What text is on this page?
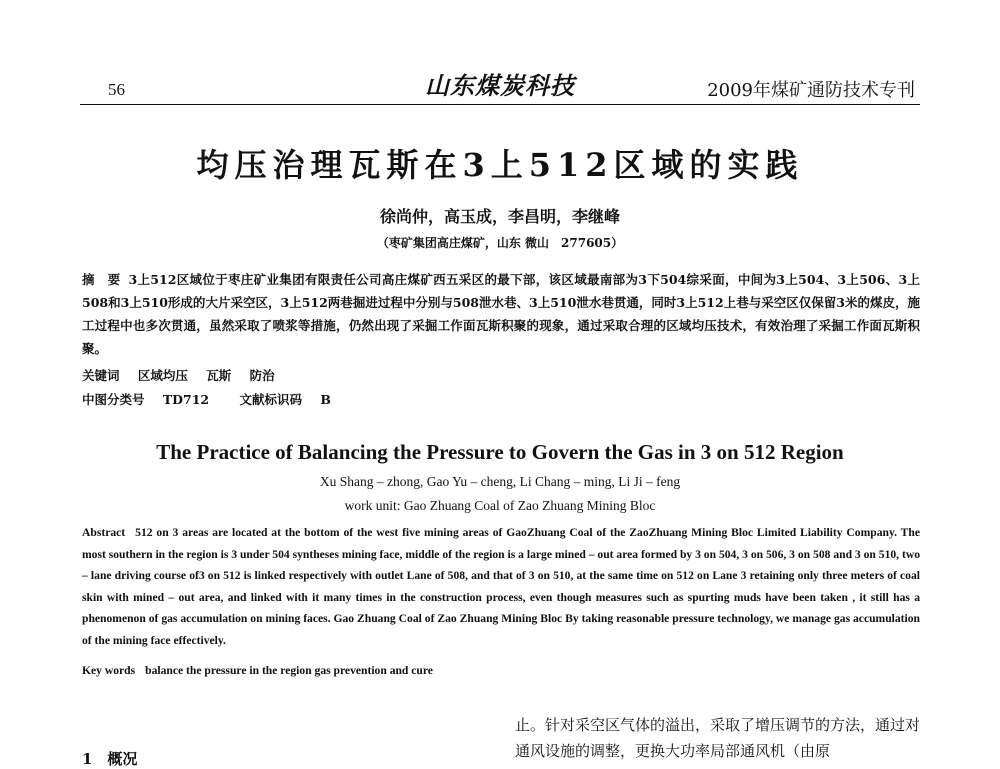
56	山东煤炭科技	2009年煤矿通防技术专刊
均压治理瓦斯在3上512区域的实践
徐尚仲，高玉成，李昌明，李继峰
（枣矿集团高庄煤矿，山东 微山　277605）

摘　要 3上512区域位于枣庄矿业集团有限责任公司高庄煤矿西五采区的最下部，该区域最南部为3下504综采面，中间为3上504、3上506、3上508和3上510形成的大片采空区，3上512两巷掘进过程中分别与508泄水巷、3上510泄水巷贯通，同时3上512上巷与采空区仅保留3米的煤皮，施工过程中也多次贯通，虽然采取了喷浆等措施，仍然出现了采掘工作面瓦斯积聚的现象，通过采取合理的区域均压技术，有效治理了采掘工作面瓦斯积聚。

关键词 区域均压 瓦斯 防治
中图分类号 TD712 文献标识码 B
The Practice of Balancing the Pressure to Govern the Gas in 3 on 512 Region
Xu Shang – zhong, Gao Yu – cheng, Li Chang – ming, Li Ji – feng
work unit: Gao Zhuang Coal of Zao Zhuang Mining Bloc

Abstract 512 on 3 areas are located at the bottom of the west five mining areas of GaoZhuang Coal of the ZaoZhuang Mining Bloc Limited Liability Company. The most southern in the region is 3 under 504 syntheses mining face, middle of the region is a large mined – out area formed by 3 on 504, 3 on 506, 3 on 508 and 3 on 510, two – lane driving course of3 on 512 is linked respectively with outlet Lane of 508, and that of 3 on 510, at the same time on 512 on Lane 3 retaining only three meters of coal skin with mined – out area, and linked with it many times in the construction process, even though measures such as spurting muds have been taken , it still has a phenomenon of gas accumulation on mining faces. Gao Zhuang Coal of Zao Zhuang Mining Bloc By taking reasonable pressure technology, we manage gas accumulation of the mining face effectively.

Key words balance the pressure in the region gas prevention and cure

止。针对采空区气体的溢出，采取了增压调节的方法，通过对通风设施的调整，更换大功率局部通风机（由原

1　概况
